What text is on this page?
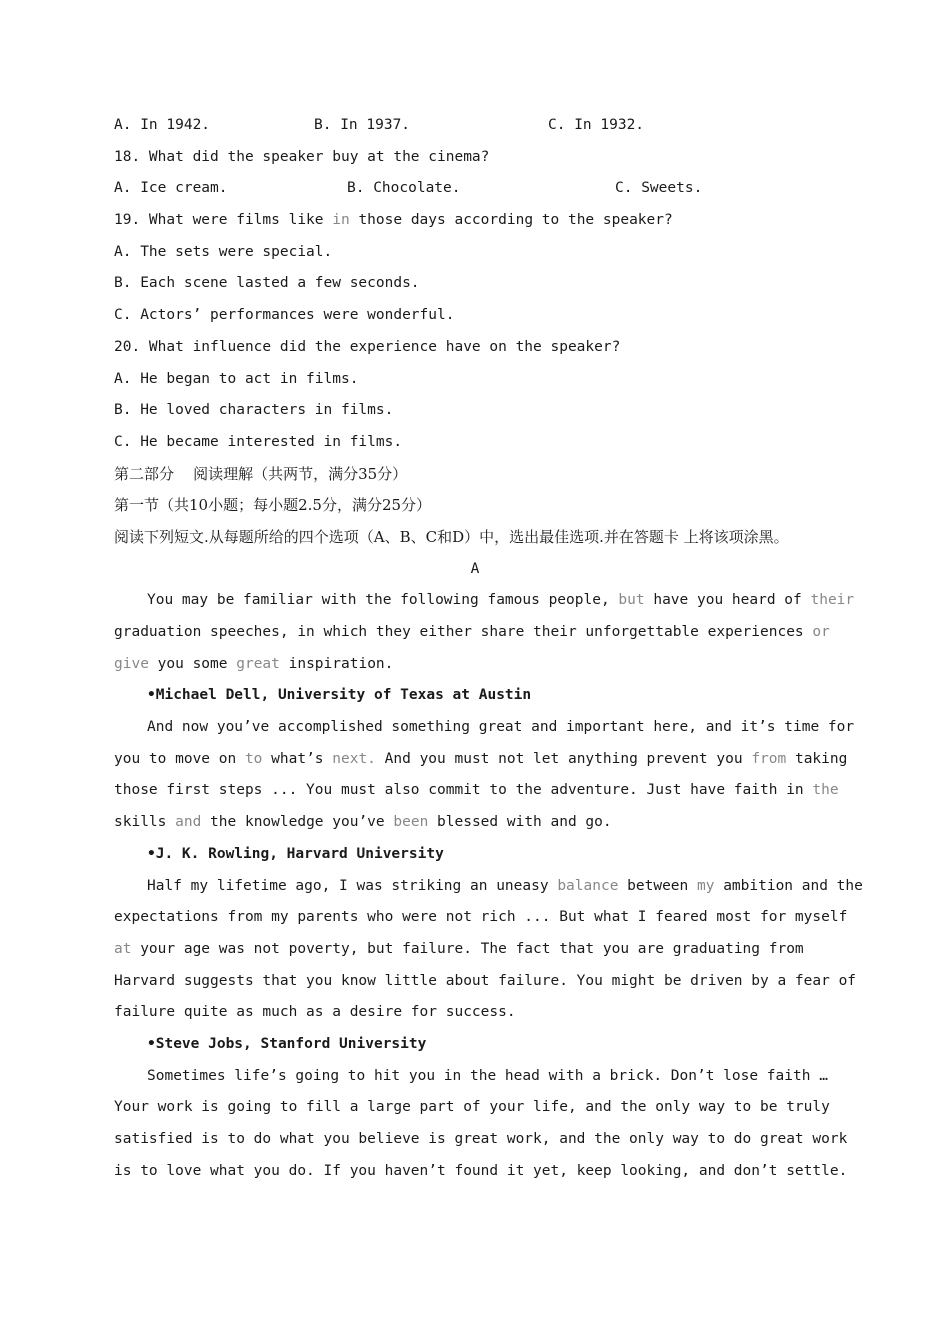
A. In 1942.	B. In 1937.	C. In 1932.
18. What did the speaker buy at the cinema?
A. Ice cream.	B. Chocolate.	C. Sweets.
19. What were films like in those days according to the speaker?
A. The sets were special.
B. Each scene lasted a few seconds.
C. Actors’ performances were wonderful.
20. What influence did the experience have on the speaker?
A. He began to act in films.
B. He loved characters in films.
C. He became interested in films.
第二部分    阅读理解（共两节，满分35分）
第一节（共10小题；每小题2.5分，满分25分）
阅读下列短文.从每题所给的四个选项（A、B、C和D）中，选出最佳选项.并在答题卡 上将该项涂黑。
A
You may be familiar with the following famous people, but have you heard of their
graduation speeches, in which they either share their unforgettable experiences or
give you some great inspiration.
•Michael Dell, University of Texas at Austin
And now you’ve accomplished something great and important here, and it’s time for
you to move on to what’s next. And you must not let anything prevent you from taking
those first steps ... You must also commit to the adventure. Just have faith in the
skills and the knowledge you’ve been blessed with and go.
•J. K. Rowling, Harvard University
Half my lifetime ago, I was striking an uneasy balance between my ambition and the
expectations from my parents who were not rich ... But what I feared most for myself
at your age was not poverty, but failure. The fact that you are graduating from
Harvard suggests that you know little about failure. You might be driven by a fear of
failure quite as much as a desire for success.
•Steve Jobs, Stanford University
Sometimes life’s going to hit you in the head with a brick. Don’t lose faith …
Your work is going to fill a large part of your life, and the only way to be truly
satisfied is to do what you believe is great work, and the only way to do great work
is to love what you do. If you haven’t found it yet, keep looking, and don’t settle.
